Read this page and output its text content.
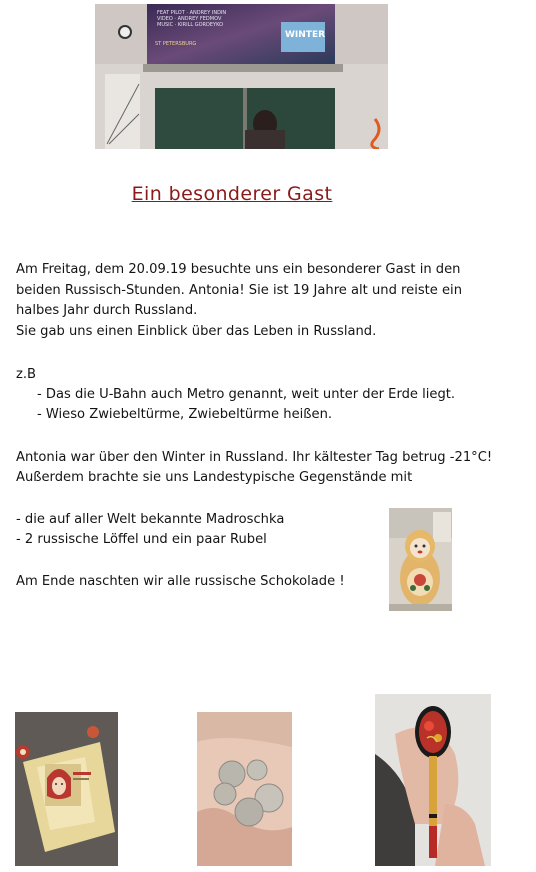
FEAT PILOT · ANDREY INDIN
VIDEO · ANDREY FEDMOV
MUSIC · KIRILL GORDEYKO
ST PETERSBURG
WINTER
Ein besonderer Gast
Am Freitag, dem 20.09.19 besuchte uns ein besonderer Gast in den
beiden Russisch-Stunden. Antonia! Sie ist 19 Jahre alt und reiste ein
halbes Jahr durch Russland.
Sie gab uns einen Einblick über das Leben in Russland.
z.B
- Das die U-Bahn auch Metro genannt, weit unter der Erde liegt.
- Wieso Zwiebeltürme, Zwiebeltürme heißen.
Antonia war über den Winter in Russland. Ihr kältester Tag betrug -21°C!
Außerdem brachte sie uns Landestypische Gegenstände mit
- die auf aller Welt bekannte Madroschka
- 2 russische Löffel und ein paar Rubel
Am Ende naschten wir alle russische Schokolade !
